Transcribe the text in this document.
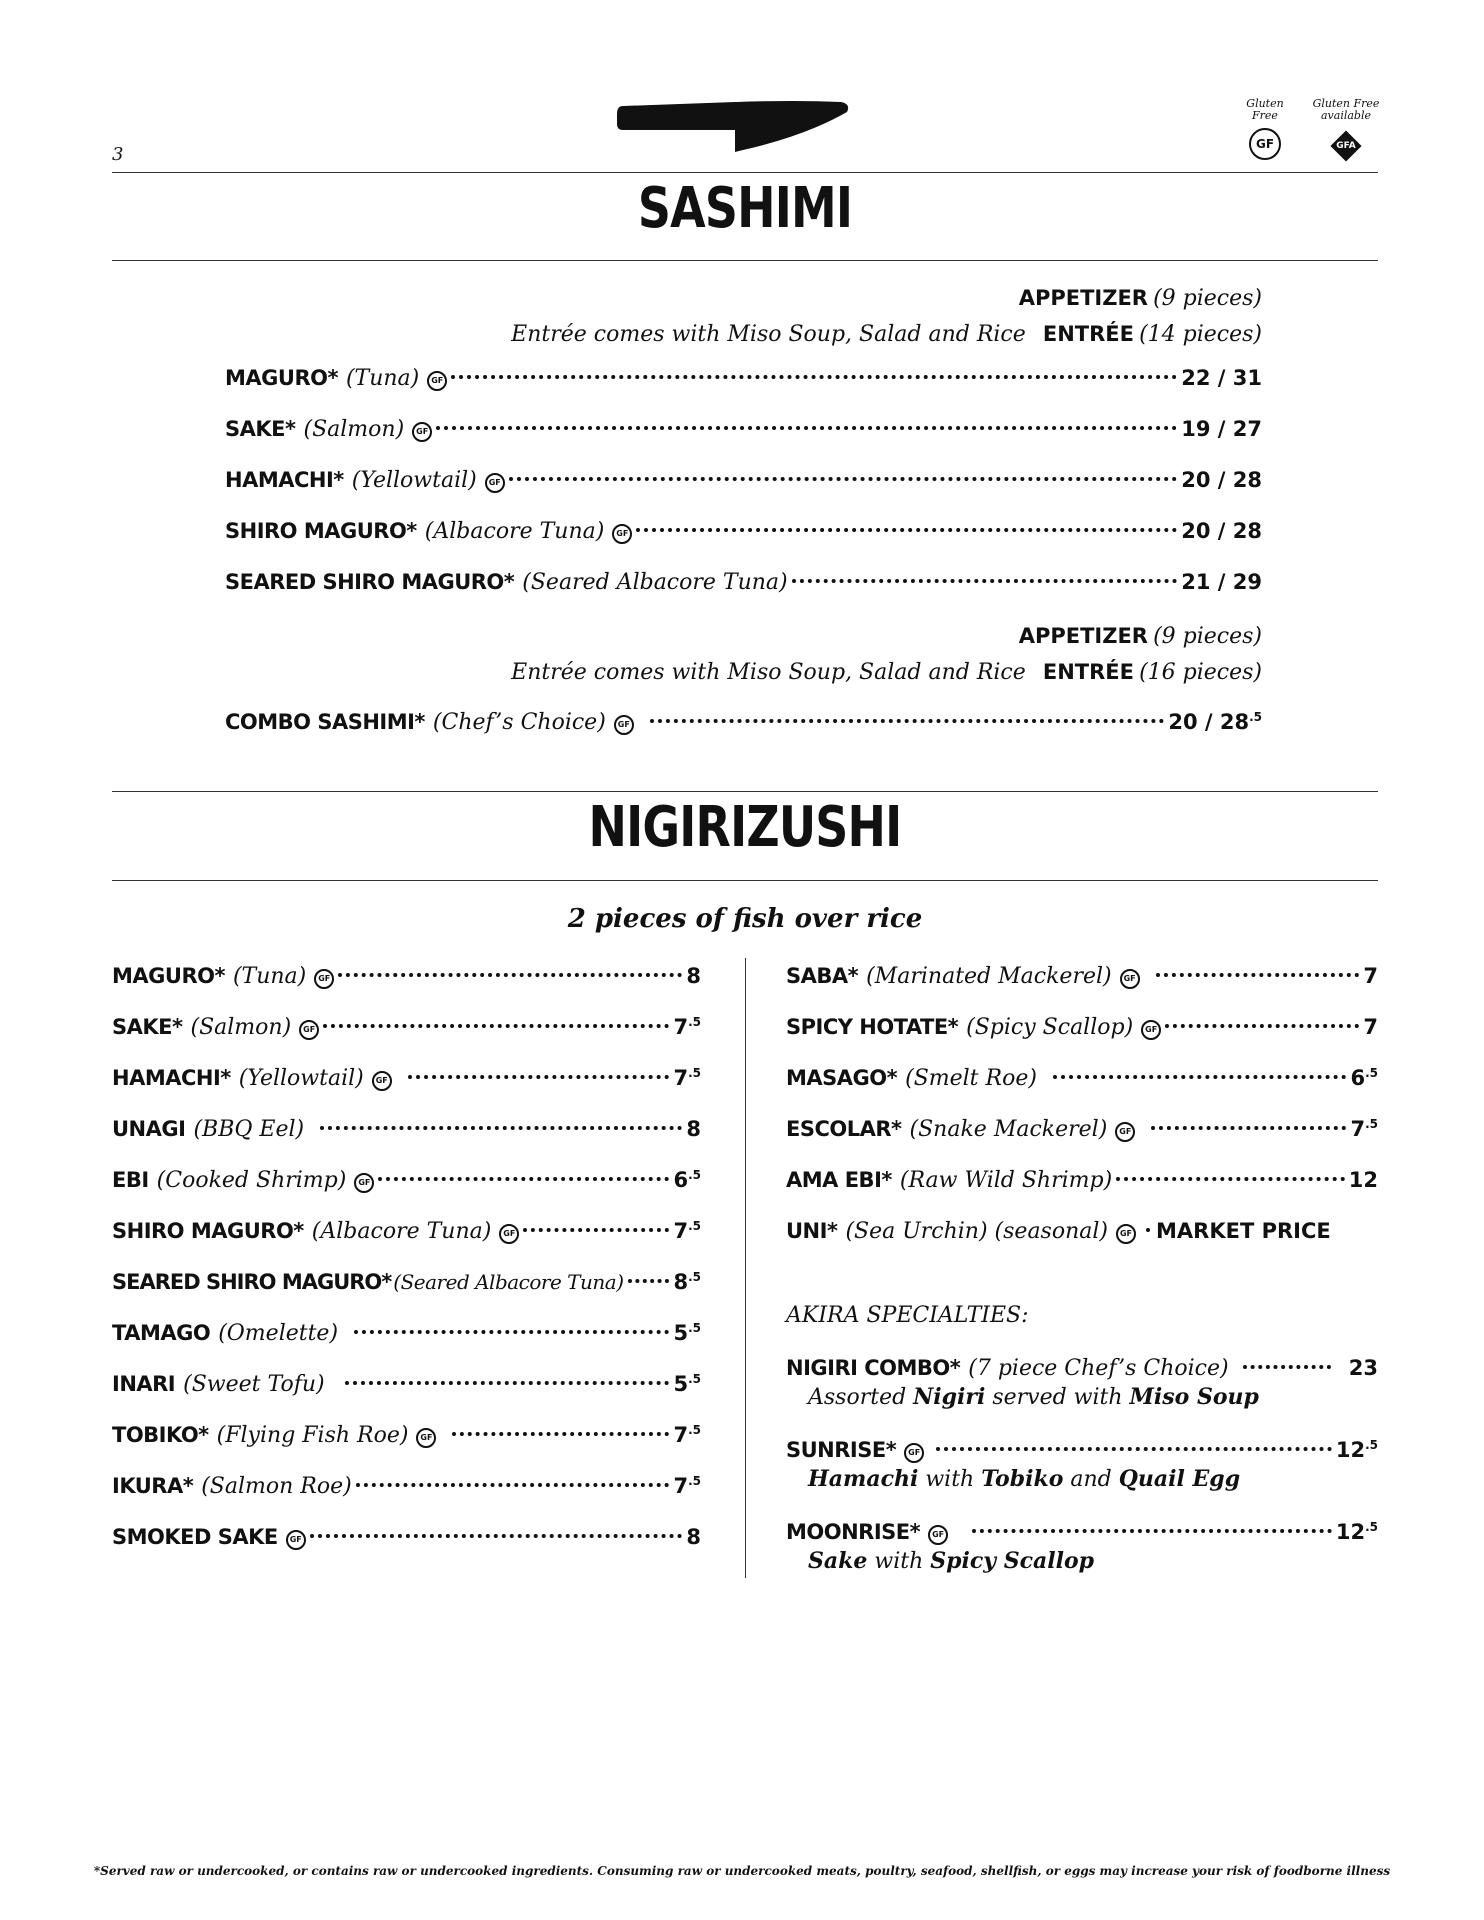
3
Gluten
Free
GF
Gluten Free
available
GFA
SASHIMI
APPETIZER (9 pieces)
Entrée comes with Miso Soup, Salad and Rice ENTRÉE (14 pieces)
MAGURO* (Tuna)	GF	22 / 31
SAKE* (Salmon)	GF	19 / 27
HAMACHI* (Yellowtail)	GF	20 / 28
SHIRO MAGURO* (Albacore Tuna)	GF	20 / 28
SEARED SHIRO MAGURO* (Seared Albacore Tuna)	21 / 29
APPETIZER (9 pieces)
Entrée comes with Miso Soup, Salad and Rice ENTRÉE (16 pieces)
COMBO SASHIMI* (Chef’s Choice)	GF	$20 / 28^{.5}$
NIGIRIZUSHI
2 pieces of fish over rice
MAGURO* (Tuna)	GF	8
SAKE* (Salmon)	GF	$7^{.5}$
HAMACHI* (Yellowtail)	GF	$7^{.5}$
UNAGI (BBQ Eel)	8
EBI (Cooked Shrimp)	GF	$6^{.5}$
SHIRO MAGURO* (Albacore Tuna)	GF	$7^{.5}$
SEARED SHIRO MAGURO* (Seared Albacore Tuna) $8^{.5}$
TAMAGO (Omelette)	$5^{.5}$
INARI (Sweet Tofu)	$5^{.5}$
TOBIKO* (Flying Fish Roe)	GF	$7^{.5}$
IKURA* (Salmon Roe)	$7^{.5}$
SMOKED SAKE	GF	8
SABA* (Marinated Mackerel)	GF	7
SPICY HOTATE* (Spicy Scallop)	GF	7
MASAGO* (Smelt Roe)	$6^{.5}$
ESCOLAR* (Snake Mackerel)	GF	$7^{.5}$
AMA EBI* (Raw Wild Shrimp)	12
UNI* (Sea Urchin) (seasonal)	GF MARKET PRICE
AKIRA SPECIALTIES:
NIGIRI COMBO* (7 piece Chef’s Choice)	23
Assorted Nigiri served with Miso Soup
SUNRISE*	GF	$12^{.5}$
Hamachi with Tobiko and Quail Egg
MOONRISE*	GF	$12^{.5}$
Sake with Spicy Scallop
*Served raw or undercooked, or contains raw or undercooked ingredients. Consuming raw or undercooked meats, poultry, seafood, shellfish, or eggs may increase your risk of foodborne illness
